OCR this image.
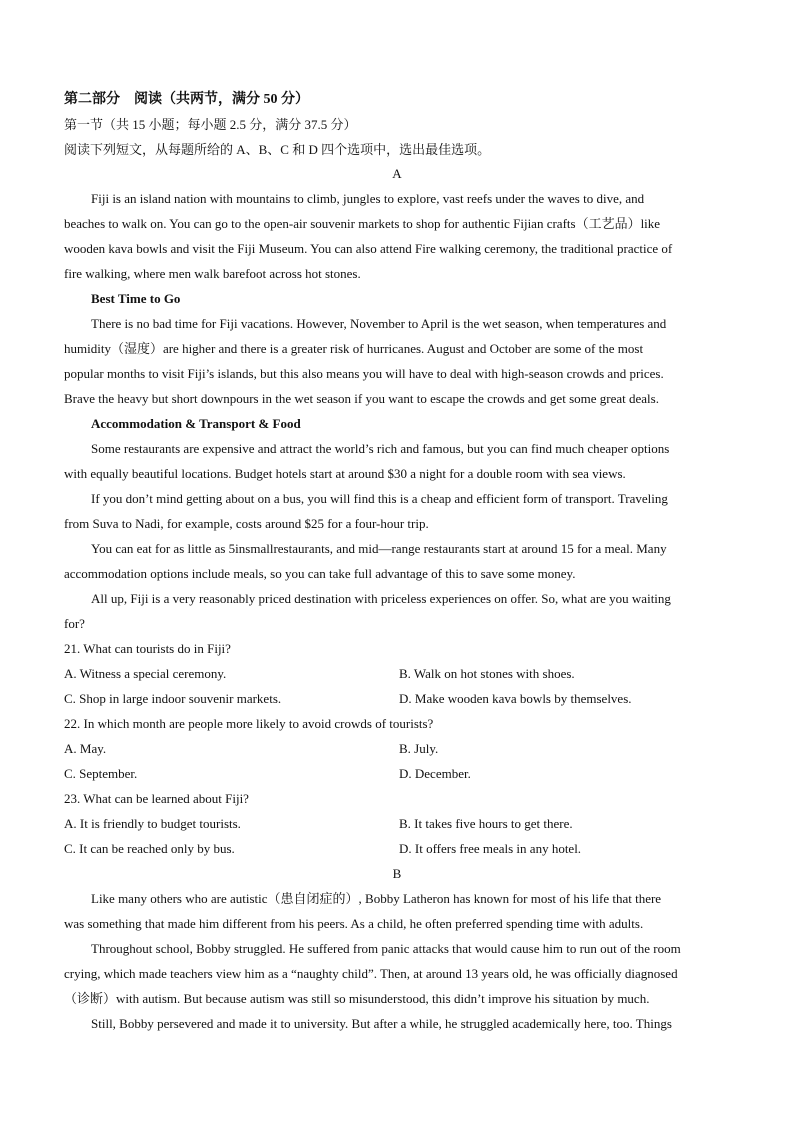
第二部分　阅读（共两节，满分 50 分）
第一节（共 15 小题；每小题 2.5 分，满分 37.5 分）
阅读下列短文，从每题所给的 A、B、C 和 D 四个选项中，选出最佳选项。
A
Fiji is an island nation with mountains to climb, jungles to explore, vast reefs under the waves to dive, and
beaches to walk on. You can go to the open-air souvenir markets to shop for authentic Fijian crafts（工艺品）like
wooden kava bowls and visit the Fiji Museum. You can also attend Fire walking ceremony, the traditional practice of
fire walking, where men walk barefoot across hot stones.
Best Time to Go
There is no bad time for Fiji vacations. However, November to April is the wet season, when temperatures and
humidity（湿度）are higher and there is a greater risk of hurricanes. August and October are some of the most
popular months to visit Fiji’s islands, but this also means you will have to deal with high-season crowds and prices.
Brave the heavy but short downpours in the wet season if you want to escape the crowds and get some great deals.
Accommodation & Transport & Food
Some restaurants are expensive and attract the world’s rich and famous, but you can find much cheaper options
with equally beautiful locations. Budget hotels start at around $30 a night for a double room with sea views.
If you don’t mind getting about on a bus, you will find this is a cheap and efficient form of transport. Traveling
from Suva to Nadi, for example, costs around $25 for a four-hour trip.
You can eat for as little as 5insmallrestaurants, and mid—range restaurants start at around 15 for a meal. Many
accommodation options include meals, so you can take full advantage of this to save some money.
All up, Fiji is a very reasonably priced destination with priceless experiences on offer. So, what are you waiting
for?
21. What can tourists do in Fiji?
A. Witness a special ceremony.	B. Walk on hot stones with shoes.
C. Shop in large indoor souvenir markets.	D. Make wooden kava bowls by themselves.
22. In which month are people more likely to avoid crowds of tourists?
A. May.	B. July.
C. September.	D. December.
23. What can be learned about Fiji?
A. It is friendly to budget tourists.	B. It takes five hours to get there.
C. It can be reached only by bus.	D. It offers free meals in any hotel.
B
Like many others who are autistic（患自闭症的）, Bobby Latheron has known for most of his life that there
was something that made him different from his peers. As a child, he often preferred spending time with adults.
Throughout school, Bobby struggled. He suffered from panic attacks that would cause him to run out of the room
crying, which made teachers view him as a “naughty child”. Then, at around 13 years old, he was officially diagnosed
（诊断）with autism. But because autism was still so misunderstood, this didn’t improve his situation by much.
Still, Bobby persevered and made it to university. But after a while, he struggled academically here, too. Things
